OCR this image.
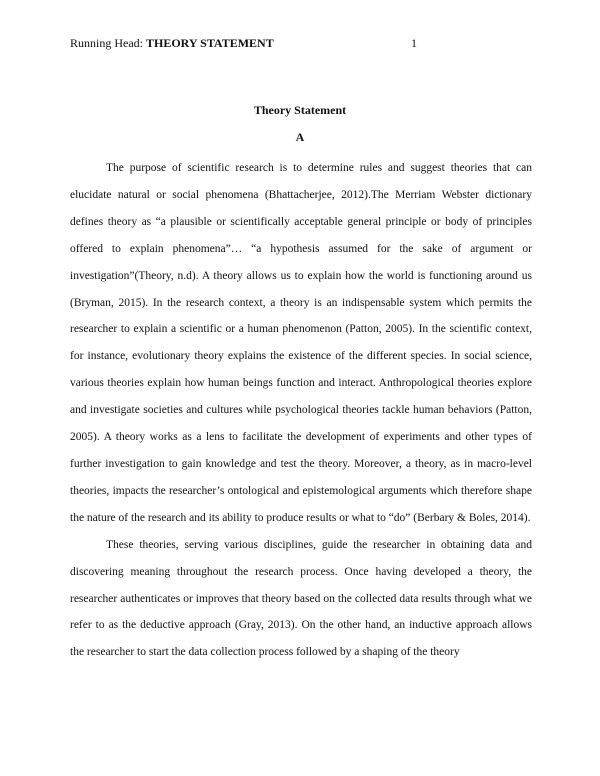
Running Head: THEORY STATEMENT	1
Theory Statement
A

The purpose of scientific research is to determine rules and suggest theories that can elucidate natural or social phenomena (Bhattacherjee, 2012).The Merriam Webster dictionary defines theory as “a plausible or scientifically acceptable general principle or body of principles offered to explain phenomena”… “a hypothesis assumed for the sake of argument or investigation”(Theory, n.d). A theory allows us to explain how the world is functioning around us (Bryman, 2015). In the research context, a theory is an indispensable system which permits the researcher to explain a scientific or a human phenomenon (Patton, 2005). In the scientific context, for instance, evolutionary theory explains the existence of the different species. In social science, various theories explain how human beings function and interact. Anthropological theories explore and investigate societies and cultures while psychological theories tackle human behaviors (Patton, 2005). A theory works as a lens to facilitate the development of experiments and other types of further investigation to gain knowledge and test the theory. Moreover, a theory, as in macro-level theories, impacts the researcher’s ontological and epistemological arguments which therefore shape the nature of the research and its ability to produce results or what to “do” (Berbary & Boles, 2014).

These theories, serving various disciplines, guide the researcher in obtaining data and discovering meaning throughout the research process. Once having developed a theory, the researcher authenticates or improves that theory based on the collected data results through what we refer to as the deductive approach (Gray, 2013). On the other hand, an inductive approach allows the researcher to start the data collection process followed by a shaping of the theory
